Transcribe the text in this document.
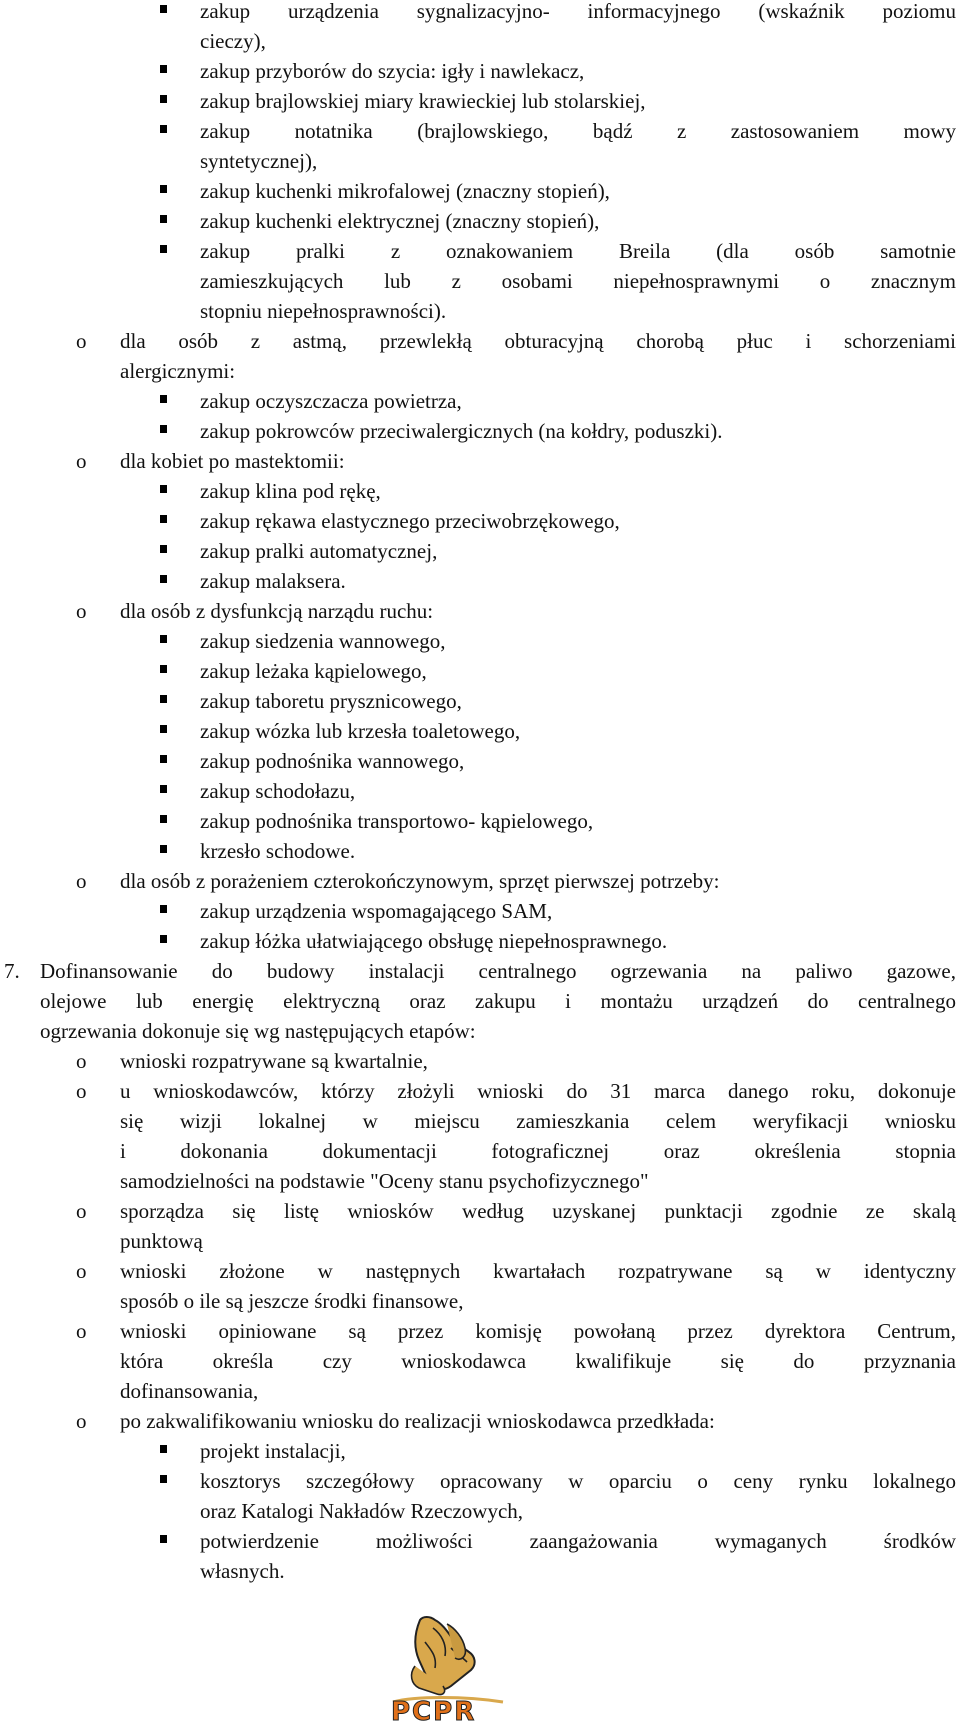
zakup urządzenia sygnalizacyjno- informacyjnego (wskaźnik poziomu
cieczy),
zakup przyborów do szycia: igły i nawlekacz,
zakup brajlowskiej miary krawieckiej lub stolarskiej,
zakup notatnika (brajlowskiego, bądź z zastosowaniem mowy
syntetycznej),
zakup kuchenki mikrofalowej (znaczny stopień),
zakup kuchenki elektrycznej (znaczny stopień),
zakup pralki z oznakowaniem Breila (dla osób samotnie
zamieszkujących lub z osobami niepełnosprawnymi o znacznym
stopniu niepełnosprawności).
o dla osób z astmą, przewlekłą obturacyjną chorobą płuc i schorzeniami
alergicznymi:
zakup oczyszczacza powietrza,
zakup pokrowców przeciwalergicznych (na kołdry, poduszki).
o dla kobiet po mastektomii:
zakup klina pod rękę,
zakup rękawa elastycznego przeciwobrzękowego,
zakup pralki automatycznej,
zakup malaksera.
o dla osób z dysfunkcją narządu ruchu:
zakup siedzenia wannowego,
zakup leżaka kąpielowego,
zakup taboretu prysznicowego,
zakup wózka lub krzesła toaletowego,
zakup podnośnika wannowego,
zakup schodołazu,
zakup podnośnika transportowo- kąpielowego,
krzesło schodowe.
o dla osób z porażeniem czterokończynowym, sprzęt pierwszej potrzeby:
zakup urządzenia wspomagającego SAM,
zakup łóżka ułatwiającego obsługę niepełnosprawnego.
7. Dofinansowanie do budowy instalacji centralnego ogrzewania na paliwo gazowe,
olejowe lub energię elektryczną oraz zakupu i montażu urządzeń do centralnego
ogrzewania dokonuje się wg następujących etapów:
o wnioski rozpatrywane są kwartalnie,
o u wnioskodawców, którzy złożyli wnioski do 31 marca danego roku, dokonuje
się wizji lokalnej w miejscu zamieszkania celem weryfikacji wniosku
i dokonania dokumentacji fotograficznej oraz określenia stopnia
samodzielności na podstawie "Oceny stanu psychofizycznego"
o sporządza się listę wniosków według uzyskanej punktacji zgodnie ze skalą
punktową
o wnioski złożone w następnych kwartałach rozpatrywane są w identyczny
sposób o ile są jeszcze środki finansowe,
o wnioski opiniowane są przez komisję powołaną przez dyrektora Centrum,
która określa czy wnioskodawca kwalifikuje się do przyznania
dofinansowania,
o po zakwalifikowaniu wniosku do realizacji wnioskodawca przedkłada:
projekt instalacji,
kosztorys szczegółowy opracowany w oparciu o ceny rynku lokalnego
oraz Katalogi Nakładów Rzeczowych,
potwierdzenie możliwości zaangażowania wymaganych środków
własnych.
PCPR
